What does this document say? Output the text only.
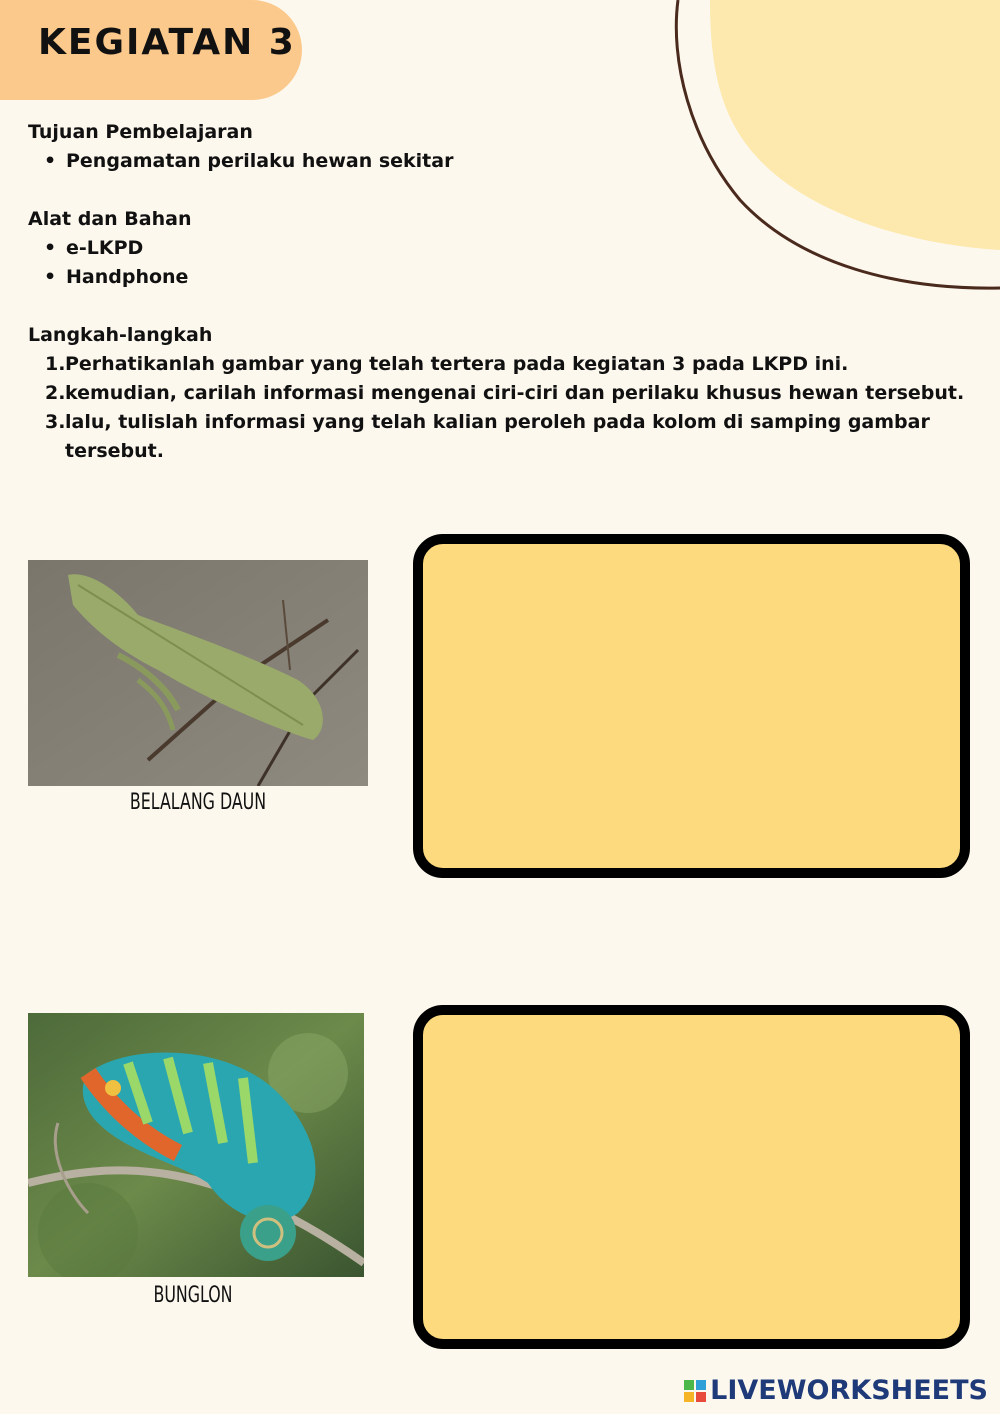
KEGIATAN 3

Tujuan Pembelajaran

• Pengamatan perilaku hewan sekitar

Alat dan Bahan

• e-LKPD
• Handphone

Langkah-langkah

1. Perhatikanlah gambar yang telah tertera pada kegiatan 3 pada LKPD ini.
2. kemudian, carilah informasi mengenai ciri-ciri dan perilaku khusus hewan tersebut.
3. lalu, tulislah informasi yang telah kalian peroleh pada kolom di samping gambar tersebut.
BELALANG DAUN
BUNGLON
LIVEWORKSHEETS
